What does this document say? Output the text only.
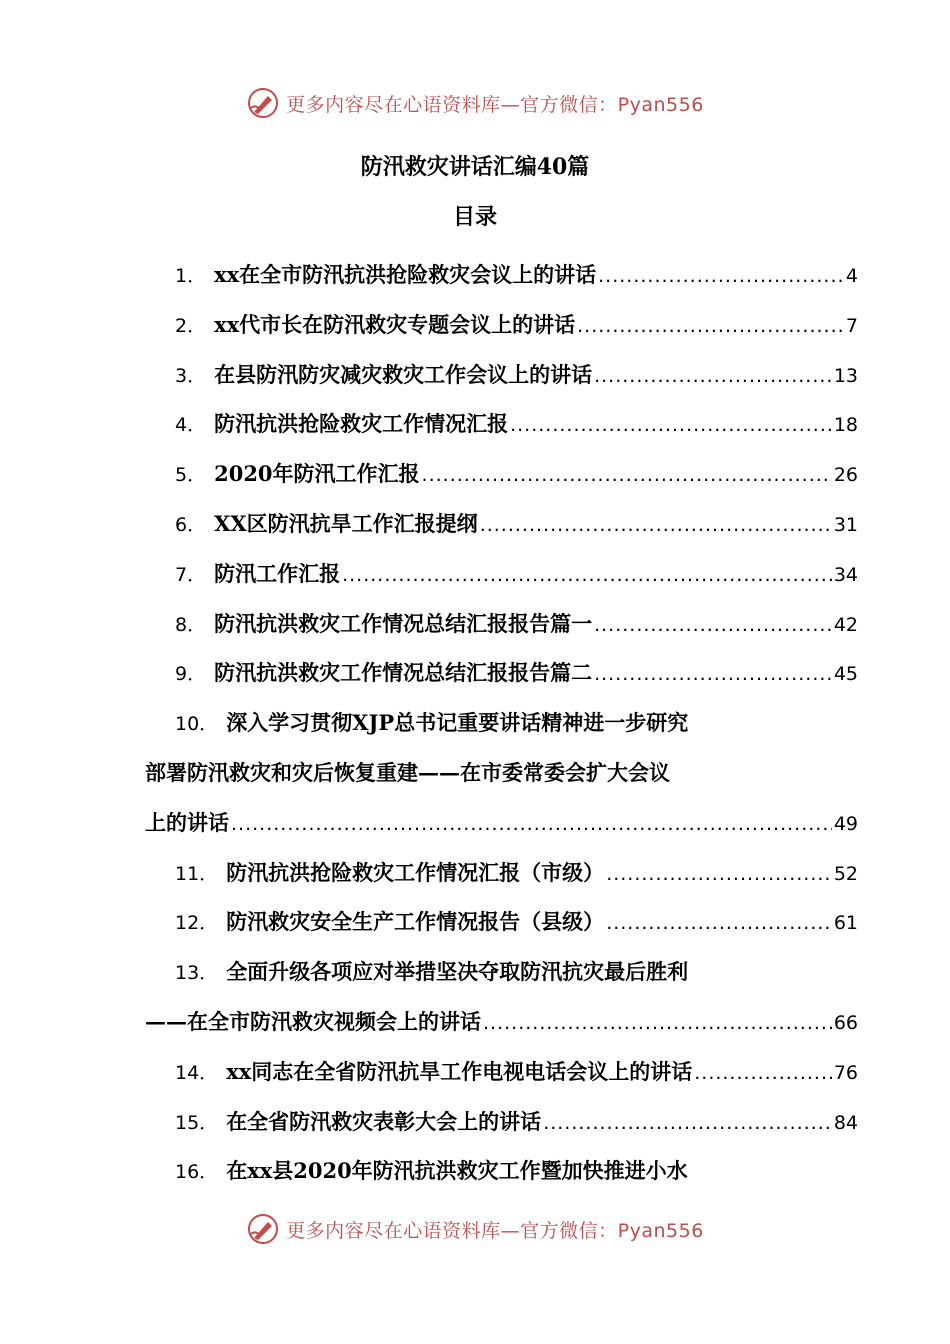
更多内容尽在心语资料库—官方微信：Pyan556
防汛救灾讲话汇编40篇
目录
1． xx在全市防汛抗洪抢险救灾会议上的讲话 .....	4
2． xx代市长在防汛救灾专题会议上的讲话 .....	7
3． 在县防汛防灾减灾救灾工作会议上的讲话 .....	13
4． 防汛抗洪抢险救灾工作情况汇报 .....	18
5． 2020年防汛工作汇报 .....	26
6． XX区防汛抗旱工作汇报提纲 .....	31
7． 防汛工作汇报 .....	34
8． 防汛抗洪救灾工作情况总结汇报报告篇一 .....	42
9． 防汛抗洪救灾工作情况总结汇报报告篇二 .....	45
10． 深入学习贯彻XJP总书记重要讲话精神进一步研究
部署防汛救灾和灾后恢复重建——在市委常委会扩大会议
上的讲话 .....	49
11． 防汛抗洪抢险救灾工作情况汇报（市级） .....	52
12． 防汛救灾安全生产工作情况报告（县级） .....	61
13． 全面升级各项应对举措坚决夺取防汛抗灾最后胜利
——在全市防汛救灾视频会上的讲话 .....	66
14． xx同志在全省防汛抗旱工作电视电话会议上的讲话 .....	76
15． 在全省防汛救灾表彰大会上的讲话 .....	84
16． 在xx县2020年防汛抗洪救灾工作暨加快推进小水
更多内容尽在心语资料库—官方微信：Pyan556
